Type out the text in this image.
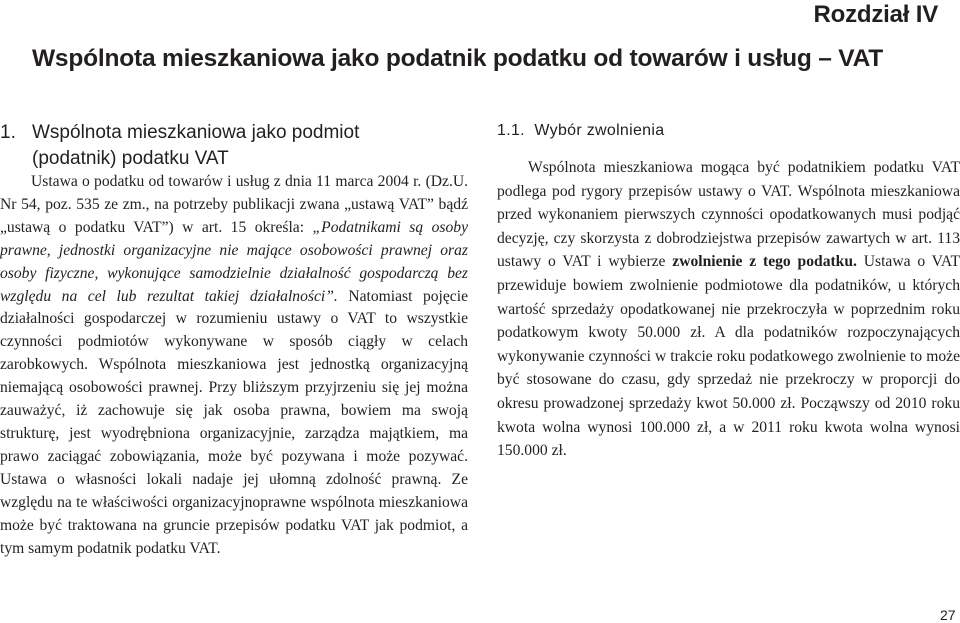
Rozdział IV
Wspólnota mieszkaniowa jako podatnik podatku od towarów i usług – VAT
1. Wspólnota mieszkaniowa jako podmiot
(podatnik) podatku VAT

Ustawa o podatku od towarów i usług z dnia 11 marca 2004 r. (Dz.U. Nr 54, poz. 535 ze zm., na potrzeby publikacji zwana „ustawą VAT” bądź „ustawą o podatku VAT”) w art. 15 określa: „Podatnikami są osoby prawne, jednostki organizacyjne nie mające osobowości prawnej oraz osoby fizyczne, wykonujące samodzielnie działalność gospodarczą bez względu na cel lub rezultat takiej działalności”. Natomiast pojęcie działalności gospodarczej w rozumieniu ustawy o VAT to wszystkie czynności podmiotów wykonywane w sposób ciągły w celach zarobkowych. Wspólnota mieszkaniowa jest jednostką organizacyjną niemającą osobowości prawnej. Przy bliższym przyjrzeniu się jej można zauważyć, iż zachowuje się jak osoba prawna, bowiem ma swoją strukturę, jest wyodrębniona organizacyjnie, zarządza majątkiem, ma prawo zaciągać zobowiązania, może być pozywana i może pozywać. Ustawa o własności lokali nadaje jej ułomną zdolność prawną. Ze względu na te właściwości organizacyjnoprawne wspólnota mieszkaniowa może być traktowana na gruncie przepisów podatku VAT jak podmiot, a tym samym podatnik podatku VAT.

1.1. Wybór zwolnienia

Wspólnota mieszkaniowa mogąca być podatnikiem podatku VAT podlega pod rygory przepisów ustawy o VAT. Wspólnota mieszkaniowa przed wykonaniem pierwszych czynności opodatkowanych musi podjąć decyzję, czy skorzysta z dobrodziejstwa przepisów zawartych w art. 113 ustawy o VAT i wybierze zwolnienie z tego podatku. Ustawa o VAT przewiduje bowiem zwolnienie podmiotowe dla podatników, u których wartość sprzedaży opodatkowanej nie przekroczyła w poprzednim roku podatkowym kwoty 50.000 zł. A dla podatników rozpoczynających wykonywanie czynności w trakcie roku podatkowego zwolnienie to może być stosowane do czasu, gdy sprzedaż nie przekroczy w proporcji do okresu prowadzonej sprzedaży kwot 50.000 zł. Począwszy od 2010 roku kwota wolna wynosi 100.000 zł, a w 2011 roku kwota wolna wynosi 150.000 zł.

27
